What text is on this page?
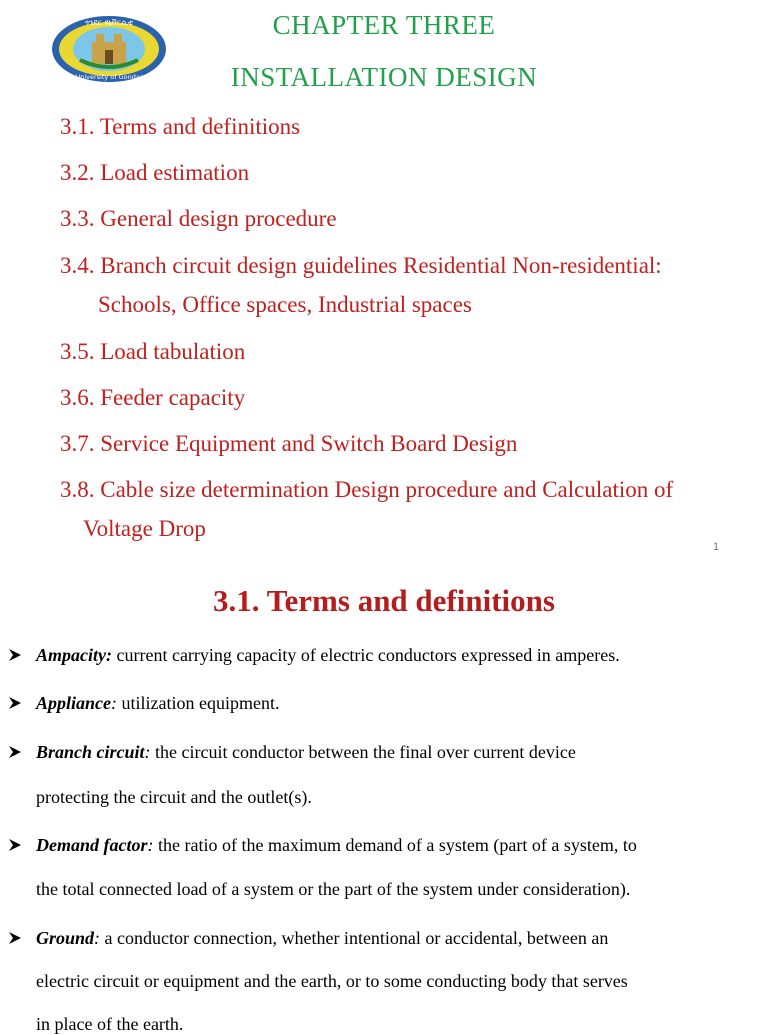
ጎንደር ዩኒቨርሲቲ
University of Gondar
CHAPTER THREE
INSTALLATION DESIGN
3.1. Terms and definitions
3.2. Load estimation
3.3. General design procedure
3.4. Branch circuit design guidelines Residential Non-residential:
Schools, Office spaces, Industrial spaces
3.5. Load tabulation
3.6. Feeder capacity
3.7. Service Equipment and Switch Board Design
3.8. Cable size determination Design procedure and Calculation of
Voltage Drop
1
3.1. Terms and definitions
Ampacity: current carrying capacity of electric conductors expressed in amperes.
Appliance: utilization equipment.
Branch circuit: the circuit conductor between the final over current device
protecting the circuit and the outlet(s).
Demand factor: the ratio of the maximum demand of a system (part of a system, to
the total connected load of a system or the part of the system under consideration).
Ground: a conductor connection, whether intentional or accidental, between an
electric circuit or equipment and the earth, or to some conducting body that serves
in place of the earth.
